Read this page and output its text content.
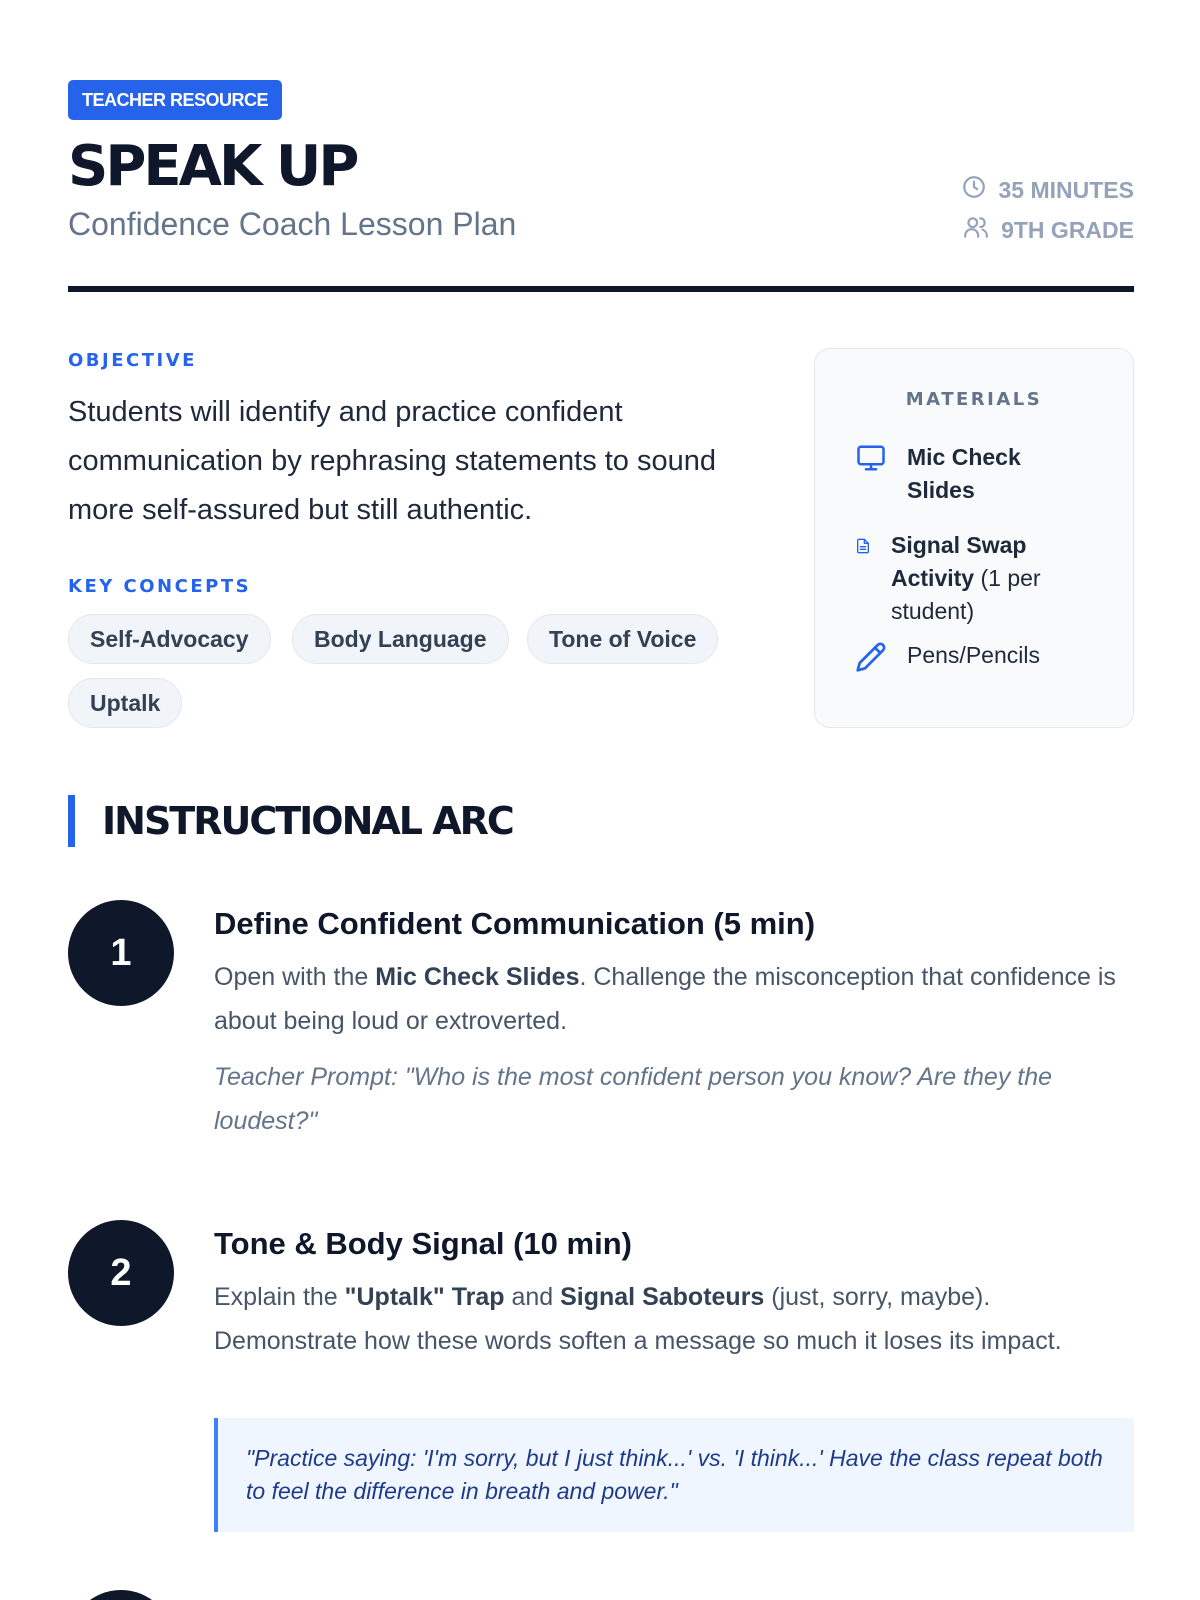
TEACHER RESOURCE
SPEAK UP
Confidence Coach Lesson Plan
35 MINUTES
9TH GRADE
OBJECTIVE
Students will identify and practice confident communication by rephrasing statements to sound more self-assured but still authentic.
KEY CONCEPTS
Self-Advocacy	Body Language	Tone of Voice
Uptalk
MATERIALS
Mic Check Slides
Signal Swap Activity (1 per student)
Pens/Pencils
INSTRUCTIONAL ARC
1
Define Confident Communication (5 min)
Open with the Mic Check Slides. Challenge the misconception that confidence is about being loud or extroverted.
Teacher Prompt: "Who is the most confident person you know? Are they the loudest?"
2
Tone & Body Signal (10 min)
Explain the "Uptalk" Trap and Signal Saboteurs (just, sorry, maybe). Demonstrate how these words soften a message so much it loses its impact.
"Practice saying: 'I'm sorry, but I just think...' vs. 'I think...' Have the class repeat both to feel the difference in breath and power."
